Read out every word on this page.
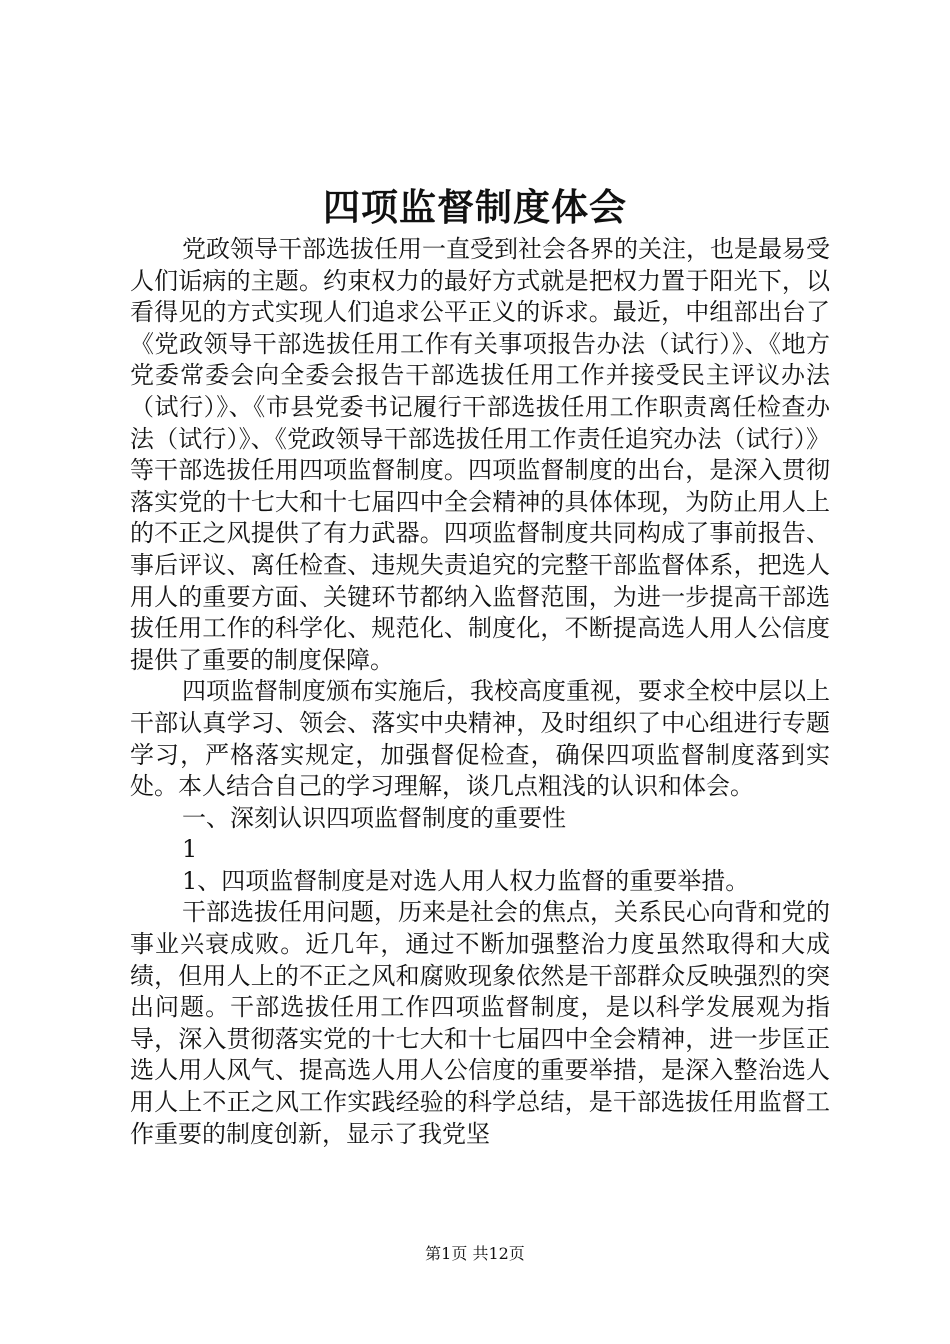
四项监督制度体会

党政领导干部选拔任用一直受到社会各界的关注，也是最易受人们诟病的主题。约束权力的最好方式就是把权力置于阳光下，以看得见的方式实现人们追求公平正义的诉求。最近，中组部出台了《党政领导干部选拔任用工作有关事项报告办法（试行）》、《地方党委常委会向全委会报告干部选拔任用工作并接受民主评议办法（试行）》、《市县党委书记履行干部选拔任用工作职责离任检查办法（试行）》、《党政领导干部选拔任用工作责任追究办法（试行）》等干部选拔任用四项监督制度。四项监督制度的出台，是深入贯彻落实党的十七大和十七届四中全会精神的具体体现，为防止用人上的不正之风提供了有力武器。四项监督制度共同构成了事前报告、事后评议、离任检查、违规失责追究的完整干部监督体系，把选人用人的重要方面、关键环节都纳入监督范围，为进一步提高干部选拔任用工作的科学化、规范化、制度化，不断提高选人用人公信度提供了重要的制度保障。

四项监督制度颁布实施后，我校高度重视，要求全校中层以上干部认真学习、领会、落实中央精神，及时组织了中心组进行专题学习，严格落实规定，加强督促检查，确保四项监督制度落到实处。本人结合自己的学习理解，谈几点粗浅的认识和体会。

一、深刻认识四项监督制度的重要性

1

1、四项监督制度是对选人用人权力监督的重要举措。

干部选拔任用问题，历来是社会的焦点，关系民心向背和党的事业兴衰成败。近几年，通过不断加强整治力度虽然取得和大成绩，但用人上的不正之风和腐败现象依然是干部群众反映强烈的突出问题。干部选拔任用工作四项监督制度，是以科学发展观为指导，深入贯彻落实党的十七大和十七届四中全会精神，进一步匡正选人用人风气、提高选人用人公信度的重要举措，是深入整治选人用人上不正之风工作实践经验的科学总结，是干部选拔任用监督工作重要的制度创新，显示了我党坚

第1页 共12页
